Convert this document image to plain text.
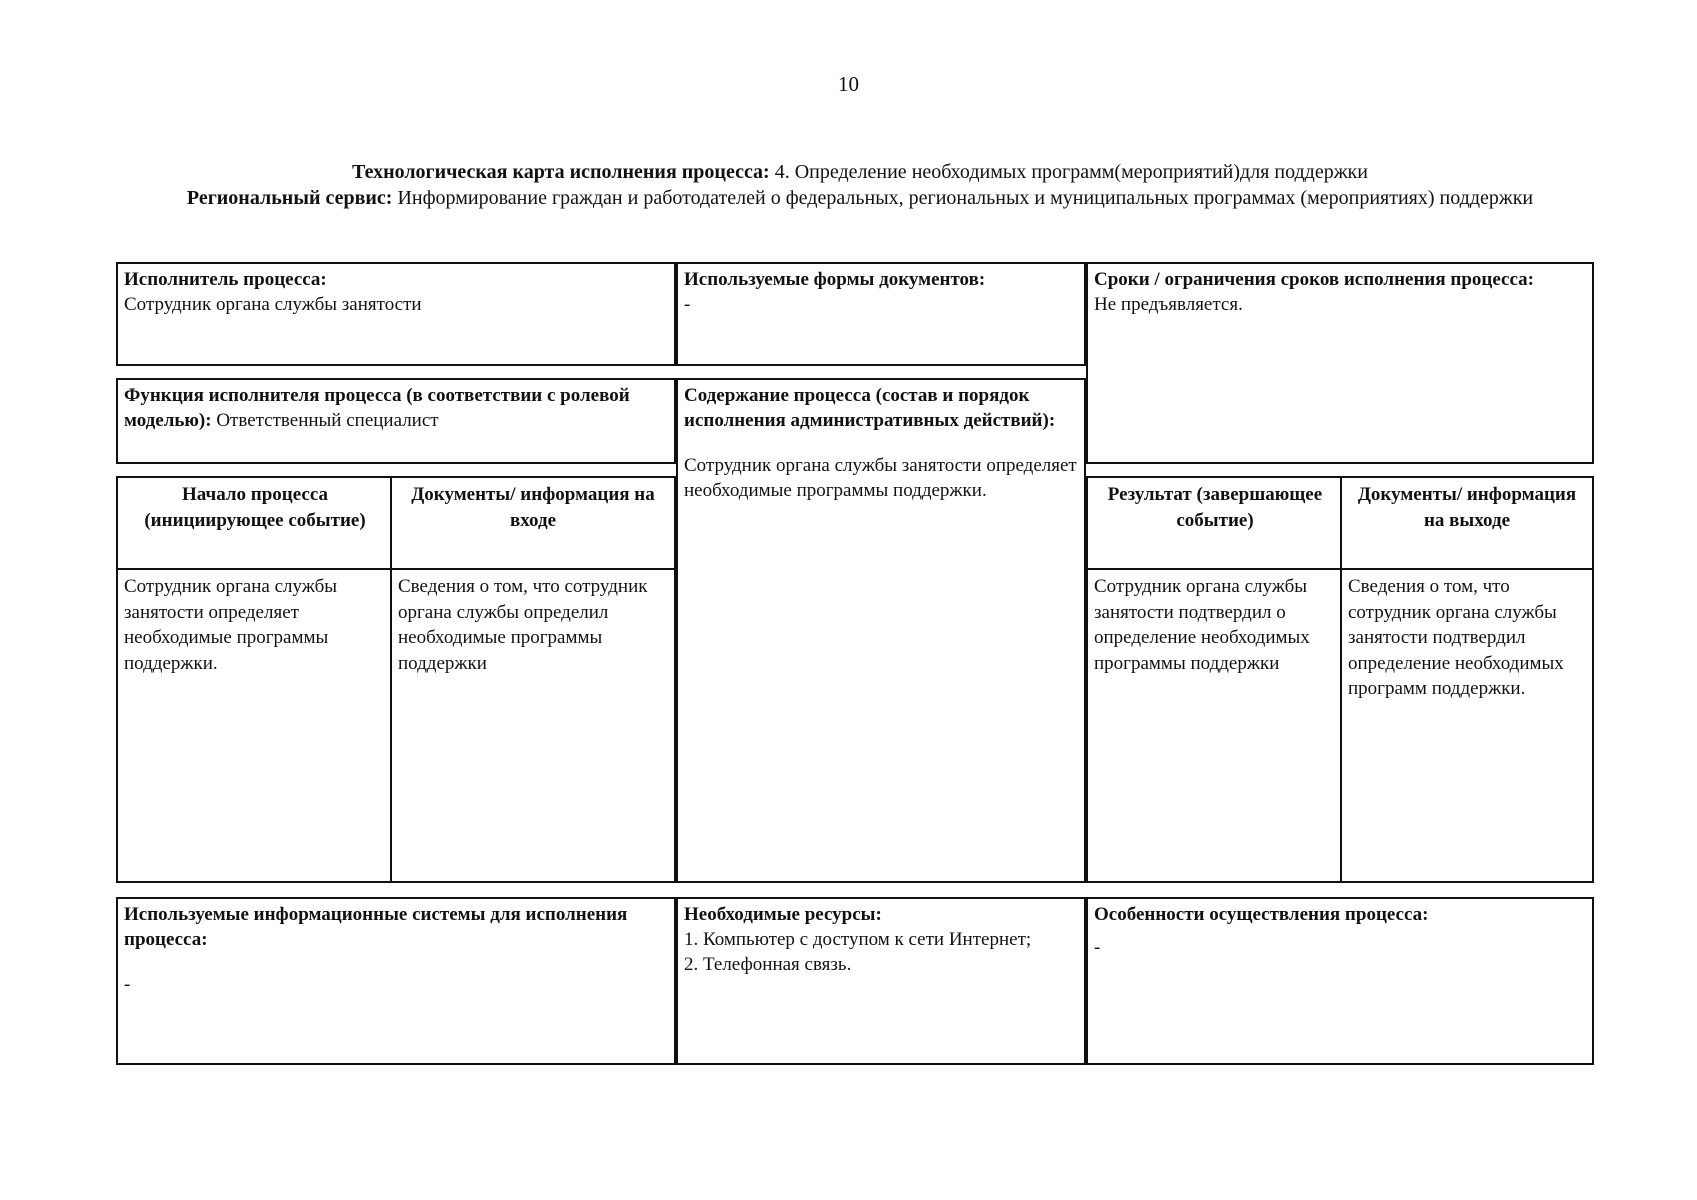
10
Технологическая карта исполнения процесса: 4. Определение необходимых программ(мероприятий)для поддержки
Региональный сервис: Информирование граждан и работодателей о федеральных, региональных и муниципальных программах (мероприятиях) поддержки
Исполнитель процесса:
Сотрудник органа службы занятости
Используемые формы документов:
-
Сроки / ограничения сроков исполнения процесса:
Не предъявляется.
Функция исполнителя процесса (в соответствии с ролевой моделью): Ответственный специалист
Содержание процесса (состав и порядок исполнения административных действий):
Сотрудник органа службы занятости определяет необходимые программы поддержки.
Начало процесса (инициирующее событие)
Документы/ информация на входе
Сотрудник органа службы занятости определяет необходимые программы поддержки.
Сведения о том, что сотрудник органа службы определил необходимые программы поддержки
Результат (завершающее событие)
Документы/ информация на выходе
Сотрудник органа службы занятости подтвердил о определение необходимых программы поддержки
Сведения о том, что сотрудник органа службы занятости подтвердил определение необходимых программ поддержки.
Используемые информационные системы для исполнения процесса:
-
Необходимые ресурсы:
1. Компьютер с доступом к сети Интернет;
2. Телефонная связь.
Особенности осуществления процесса:
-
